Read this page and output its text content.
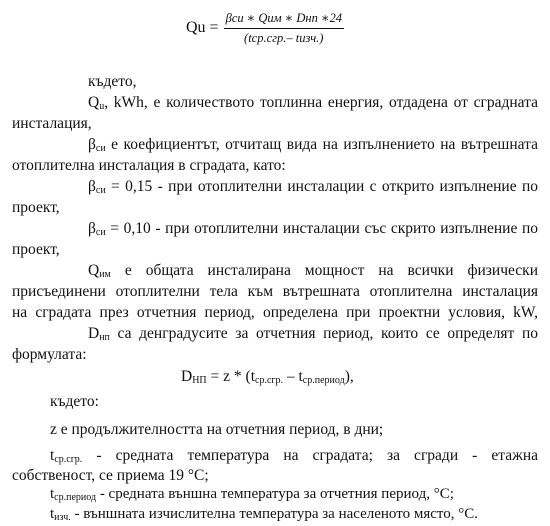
$Qu = \frac{\text{βси ∗ Qим ∗ Dнп ∗24}}{\text{(tср.сгр.– tизч.)}}$
където,
$Q_u$, kWh, е количеството топлинна енергия, отдадена от сградната
инсталация,
$\beta_{си}$ е коефициентът, отчитащ вида на изпълнението на вътрешната
отоплителна инсталация в сградата, като:
$\beta_{си} = 0,15$ - при отоплителни инсталации с открито изпълнение по
проект,
$\beta_{си} = 0,10$ - при отоплителни инсталации със скрито изпълнение по
проект,
$Q_{им}$ е общата инсталирана мощност на всички физически
присъединени отоплителни тела към вътрешната отоплителна инсталация
на сградата през отчетния период, определена при проектни условия, kW,
$D_{нп}$ са денградусите за отчетния период, които се определят по
формулата:
$D_{НП} = z * (t_{ср.сгр.} - t_{ср.период})$,
където:
z е продължителността на отчетния период, в дни;
$t_{ср.сгр.}$ - средната температура на сградата; за сгради - етажна
собственост, се приема 19 °C;
$t_{ср.период}$ - средната външна температура за отчетния период, °C;
$t_{изч.}$ - външната изчислителна температура за населеното място, °C.
